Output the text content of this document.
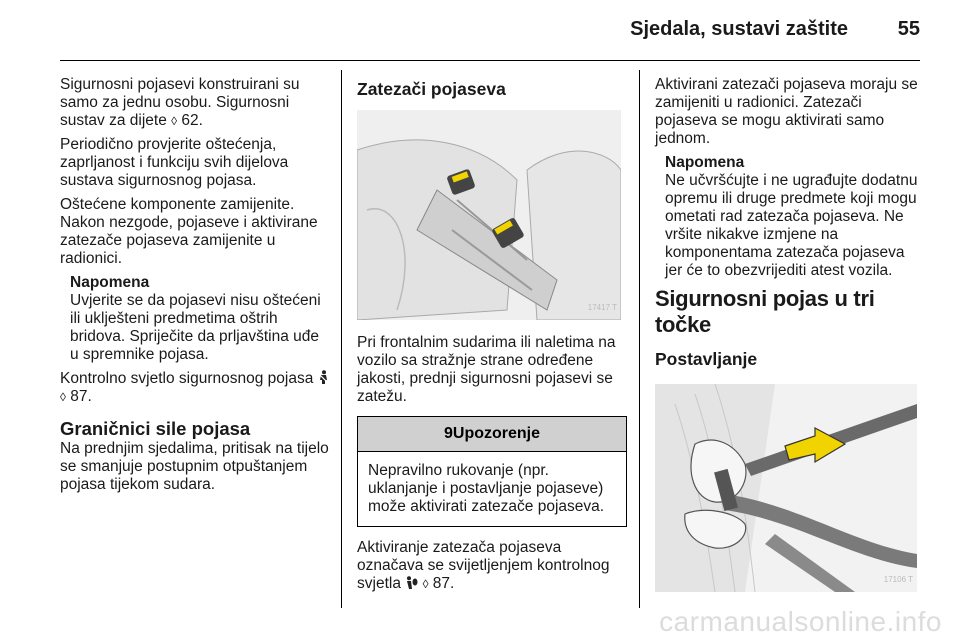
Sjedala, sustavi zaštite	55

Sigurnosni pojasevi konstruirani su samo za jednu osobu. Sigurnosni sustav za dijete ◊ 62.

Periodično provjerite oštećenja, zaprljanost i funkciju svih dijelova sustava sigurnosnog pojasa.

Oštećene komponente zamijenite. Nakon nezgode, pojaseve i aktivirane zatezače pojaseva zamijenite u radionici.

Napomena
Uvjerite se da pojasevi nisu oštećeni ili uklješteni predmetima oštrih bridova. Spriječite da prljavština uđe u spremnike pojasa.

Kontrolno svjetlo sigurnosnog pojasa  ◊ 87.

Graničnici sile pojasa

Na prednjim sjedalima, pritisak na tijelo se smanjuje postupnim otpuštanjem pojasa tijekom sudara.

Zatezači pojaseva
17417 T

Pri frontalnim sudarima ili naletima na vozilo sa stražnje strane određene jakosti, prednji sigurnosni pojasevi se zatežu.

9Upozorenje
Nepravilno rukovanje (npr. uklanjanje i postavljanje pojaseve) može aktivirati zatezače pojaseva.

Aktiviranje zatezača pojaseva označava se svijetljenjem kontrolnog svjetla ◊ 87.

Aktivirani zatezači pojaseva moraju se zamijeniti u radionici. Zatezači pojaseva se mogu aktivirati samo jednom.

Napomena
Ne učvršćujte i ne ugrađujte dodatnu opremu ili druge predmete koji mogu ometati rad zatezača pojaseva. Ne vršite nikakve izmjene na komponentama zatezača pojaseva jer će to obezvrijediti atest vozila.
Sigurnosni pojas u tri točke
Postavljanje
17106 T
carmanualsonline.info
